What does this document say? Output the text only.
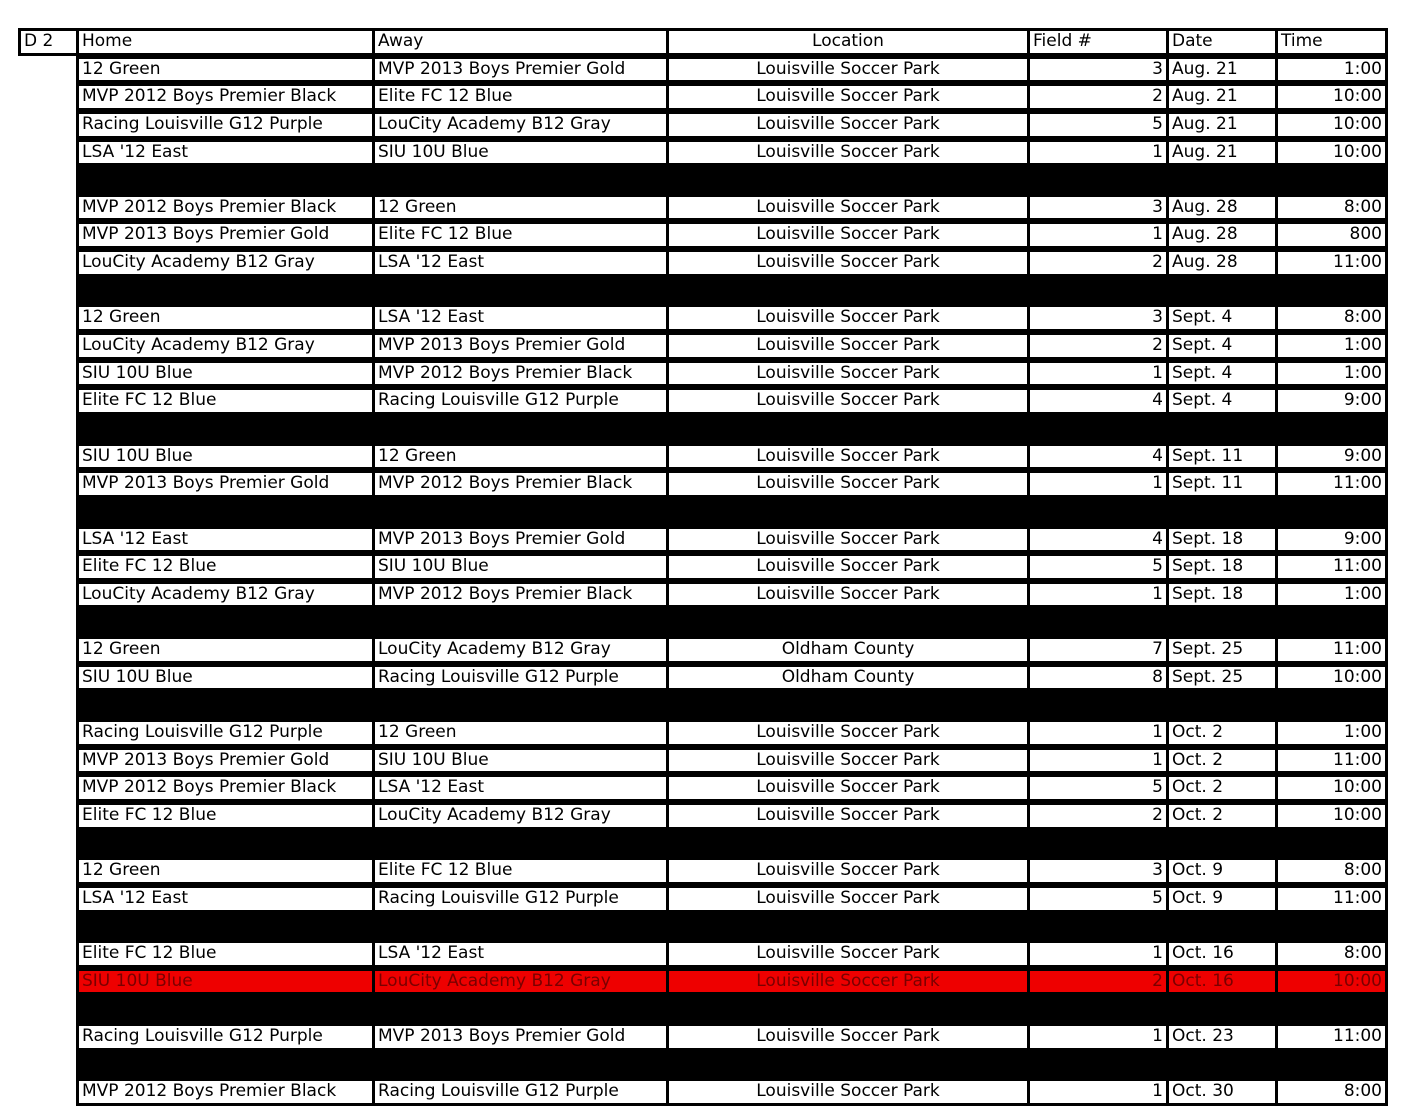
D 2	Home	Away	Location	Field #	Date	Time
12 Green	MVP 2013 Boys Premier Gold	Louisville Soccer Park	3 Aug. 21	1:00
MVP 2012 Boys Premier Black	Elite FC 12 Blue	Louisville Soccer Park	2 Aug. 21	10:00
Racing Louisville G12 Purple	LouCity Academy B12 Gray	Louisville Soccer Park	5 Aug. 21	10:00
LSA '12 East	SIU 10U Blue	Louisville Soccer Park	1 Aug. 21	10:00
MVP 2012 Boys Premier Black	12 Green	Louisville Soccer Park	3 Aug. 28	8:00
MVP 2013 Boys Premier Gold	Elite FC 12 Blue	Louisville Soccer Park	1 Aug. 28	800
LouCity Academy B12 Gray	LSA '12 East	Louisville Soccer Park	2 Aug. 28	11:00
12 Green	LSA '12 East	Louisville Soccer Park	3 Sept. 4	8:00
LouCity Academy B12 Gray	MVP 2013 Boys Premier Gold	Louisville Soccer Park	2 Sept. 4	1:00
SIU 10U Blue	MVP 2012 Boys Premier Black	Louisville Soccer Park	1 Sept. 4	1:00
Elite FC 12 Blue	Racing Louisville G12 Purple	Louisville Soccer Park	4 Sept. 4	9:00
SIU 10U Blue	12 Green	Louisville Soccer Park	4 Sept. 11	9:00
MVP 2013 Boys Premier Gold	MVP 2012 Boys Premier Black	Louisville Soccer Park	1 Sept. 11	11:00
LSA '12 East	MVP 2013 Boys Premier Gold	Louisville Soccer Park	4 Sept. 18	9:00
Elite FC 12 Blue	SIU 10U Blue	Louisville Soccer Park	5 Sept. 18	11:00
LouCity Academy B12 Gray	MVP 2012 Boys Premier Black	Louisville Soccer Park	1 Sept. 18	1:00
12 Green	LouCity Academy B12 Gray	Oldham County	7 Sept. 25	11:00
SIU 10U Blue	Racing Louisville G12 Purple	Oldham County	8 Sept. 25	10:00
Racing Louisville G12 Purple	12 Green	Louisville Soccer Park	1 Oct. 2	1:00
MVP 2013 Boys Premier Gold	SIU 10U Blue	Louisville Soccer Park	1 Oct. 2	11:00
MVP 2012 Boys Premier Black	LSA '12 East	Louisville Soccer Park	5 Oct. 2	10:00
Elite FC 12 Blue	LouCity Academy B12 Gray	Louisville Soccer Park	2 Oct. 2	10:00
12 Green	Elite FC 12 Blue	Louisville Soccer Park	3 Oct. 9	8:00
LSA '12 East	Racing Louisville G12 Purple	Louisville Soccer Park	5 Oct. 9	11:00
Elite FC 12 Blue	LSA '12 East	Louisville Soccer Park	1 Oct. 16	8:00
SIU 10U Blue	LouCity Academy B12 Gray	Louisville Soccer Park	2 Oct. 16	10:00
Racing Louisville G12 Purple	MVP 2013 Boys Premier Gold	Louisville Soccer Park	1 Oct. 23	11:00
MVP 2012 Boys Premier Black	Racing Louisville G12 Purple	Louisville Soccer Park	1 Oct. 30	8:00
